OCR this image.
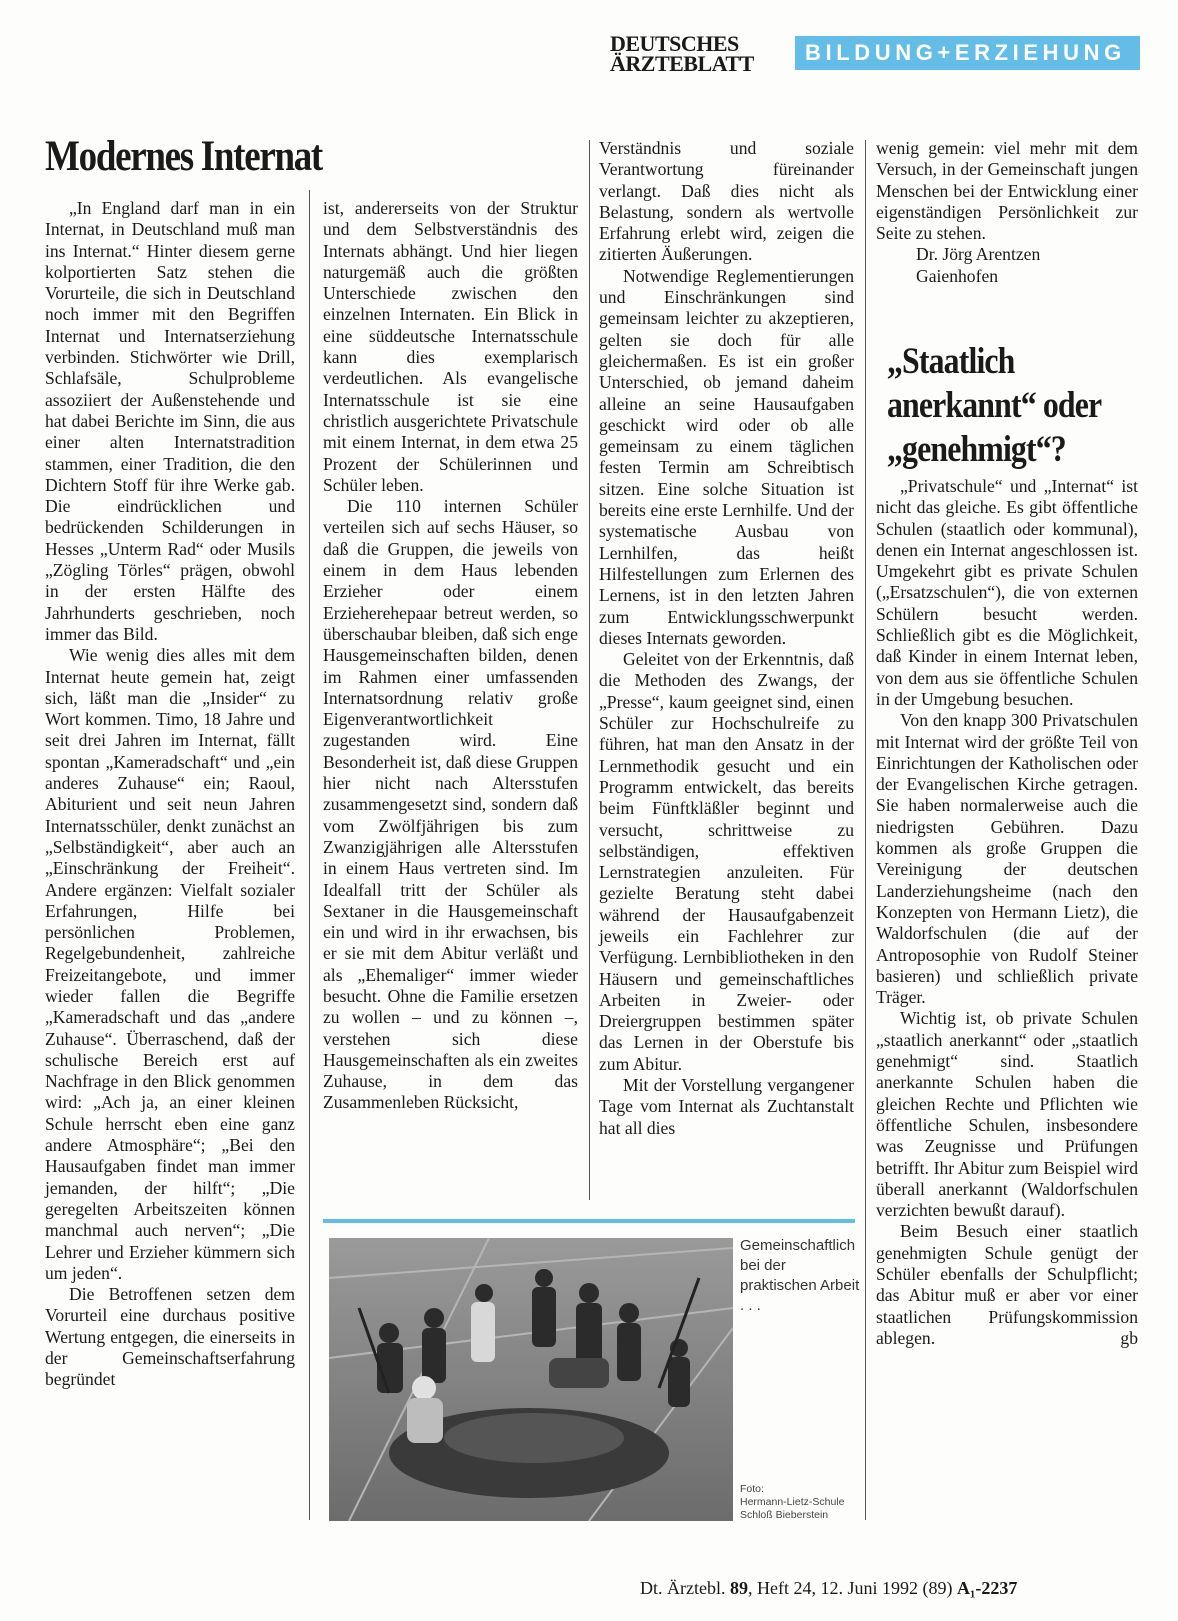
DEUTSCHES
ÄRZTEBLATT	BILDUNG+ERZIEHUNG
Modernes Internat

„In England darf man in ein Internat, in Deutschland muß man ins Internat.“ Hinter diesem gerne kolportierten Satz stehen die Vorurteile, die sich in Deutschland noch immer mit den Begriffen Internat und Internatserziehung verbinden. Stichwörter wie Drill, Schlafsäle, Schulprobleme assoziiert der Außenstehende und hat dabei Berichte im Sinn, die aus einer alten Internatstradition stammen, einer Tradition, die den Dichtern Stoff für ihre Werke gab. Die eindrücklichen und bedrückenden Schilderungen in Hesses „Unterm Rad“ oder Musils „Zögling Törles“ prägen, obwohl in der ersten Hälfte des Jahrhunderts geschrieben, noch immer das Bild.

Wie wenig dies alles mit dem Internat heute gemein hat, zeigt sich, läßt man die „Insider“ zu Wort kommen. Timo, 18 Jahre und seit drei Jahren im Internat, fällt spontan „Kameradschaft“ und „ein anderes Zuhause“ ein; Raoul, Abiturient und seit neun Jahren Internatsschüler, denkt zunächst an „Selbständigkeit“, aber auch an „Einschränkung der Freiheit“. Andere ergänzen: Vielfalt sozialer Erfahrungen, Hilfe bei persönlichen Problemen, Regelgebundenheit, zahlreiche Freizeitangebote, und immer wieder fallen die Begriffe „Kameradschaft und das „andere Zuhause“. Überraschend, daß der schulische Bereich erst auf Nachfrage in den Blick genommen wird: „Ach ja, an einer kleinen Schule herrscht eben eine ganz andere Atmosphäre“; „Bei den Hausaufgaben findet man immer jemanden, der hilft“; „Die geregelten Arbeitszeiten können manchmal auch nerven“; „Die Lehrer und Erzieher kümmern sich um jeden“.

Die Betroffenen setzen dem Vorurteil eine durchaus positive Wertung entgegen, die einerseits in der Gemeinschaftserfahrung begründet

ist, andererseits von der Struktur und dem Selbstverständnis des Internats abhängt. Und hier liegen naturgemäß auch die größten Unterschiede zwischen den einzelnen Internaten. Ein Blick in eine süddeutsche Internatsschule kann dies exemplarisch verdeutlichen. Als evangelische Internatsschule ist sie eine christlich ausgerichtete Privatschule mit einem Internat, in dem etwa 25 Prozent der Schülerinnen und Schüler leben.

Die 110 internen Schüler verteilen sich auf sechs Häuser, so daß die Gruppen, die jeweils von einem in dem Haus lebenden Erzieher oder einem Erzieherehepaar betreut werden, so überschaubar bleiben, daß sich enge Hausgemeinschaften bilden, denen im Rahmen einer umfassenden Internatsordnung relativ große Eigenverantwortlichkeit zugestanden wird. Eine Besonderheit ist, daß diese Gruppen hier nicht nach Altersstufen zusammengesetzt sind, sondern daß vom Zwölfjährigen bis zum Zwanzigjährigen alle Altersstufen in einem Haus vertreten sind. Im Idealfall tritt der Schüler als Sextaner in die Hausgemeinschaft ein und wird in ihr erwachsen, bis er sie mit dem Abitur verläßt und als „Ehemaliger“ immer wieder besucht. Ohne die Familie ersetzen zu wollen – und zu können –, verstehen sich diese Hausgemeinschaften als ein zweites Zuhause, in dem das Zusammenleben Rücksicht,

Verständnis und soziale Verantwortung füreinander verlangt. Daß dies nicht als Belastung, sondern als wertvolle Erfahrung erlebt wird, zeigen die zitierten Äußerungen.

Notwendige Reglementierungen und Einschränkungen sind gemeinsam leichter zu akzeptieren, gelten sie doch für alle gleichermaßen. Es ist ein großer Unterschied, ob jemand daheim alleine an seine Hausaufgaben geschickt wird oder ob alle gemeinsam zu einem täglichen festen Termin am Schreibtisch sitzen. Eine solche Situation ist bereits eine erste Lernhilfe. Und der systematische Ausbau von Lernhilfen, das heißt Hilfestellungen zum Erlernen des Lernens, ist in den letzten Jahren zum Entwicklungsschwerpunkt dieses Internats geworden.

Geleitet von der Erkenntnis, daß die Methoden des Zwangs, der „Presse“, kaum geeignet sind, einen Schüler zur Hochschulreife zu führen, hat man den Ansatz in der Lernmethodik gesucht und ein Programm entwickelt, das bereits beim Fünftkläßler beginnt und versucht, schrittweise zu selbständigen, effektiven Lernstrategien anzuleiten. Für gezielte Beratung steht dabei während der Hausaufgabenzeit jeweils ein Fachlehrer zur Verfügung. Lernbibliotheken in den Häusern und gemeinschaftliches Arbeiten in Zweier- oder Dreiergruppen bestimmen später das Lernen in der Oberstufe bis zum Abitur.

Mit der Vorstellung vergangener Tage vom Internat als Zuchtanstalt hat all dies

wenig gemein: viel mehr mit dem Versuch, in der Gemeinschaft jungen Menschen bei der Entwicklung einer eigenständigen Persönlichkeit zur Seite zu stehen.

Dr. Jörg Arentzen

Gaienhofen

„Staatlich anerkannt“ oder „genehmigt“?

„Privatschule“ und „Internat“ ist nicht das gleiche. Es gibt öffentliche Schulen (staatlich oder kommunal), denen ein Internat angeschlossen ist. Umgekehrt gibt es private Schulen („Ersatzschulen“), die von externen Schülern besucht werden. Schließlich gibt es die Möglichkeit, daß Kinder in einem Internat leben, von dem aus sie öffentliche Schulen in der Umgebung besuchen.

Von den knapp 300 Privatschulen mit Internat wird der größte Teil von Einrichtungen der Katholischen oder der Evangelischen Kirche getragen. Sie haben normalerweise auch die niedrigsten Gebühren. Dazu kommen als große Gruppen die Vereinigung der deutschen Landerziehungsheime (nach den Konzepten von Hermann Lietz), die Waldorfschulen (die auf der Antroposophie von Rudolf Steiner basieren) und schließlich private Träger.

Wichtig ist, ob private Schulen „staatlich anerkannt“ oder „staatlich genehmigt“ sind. Staatlich anerkannte Schulen haben die gleichen Rechte und Pflichten wie öffentliche Schulen, insbesondere was Zeugnisse und Prüfungen betrifft. Ihr Abitur zum Beispiel wird überall anerkannt (Waldorfschulen verzichten bewußt darauf).

Beim Besuch einer staatlich genehmigten Schule genügt der Schüler ebenfalls der Schulpflicht; das Abitur muß er aber vor einer staatlichen Prüfungskommission ablegen.	gb
Gemeinschaftlich bei der praktischen Arbeit . . .
Foto:
Hermann-Lietz-Schule
Schloß Bieberstein
Dt. Ärztebl. 89, Heft 24, 12. Juni 1992 (89) A₁-2237
